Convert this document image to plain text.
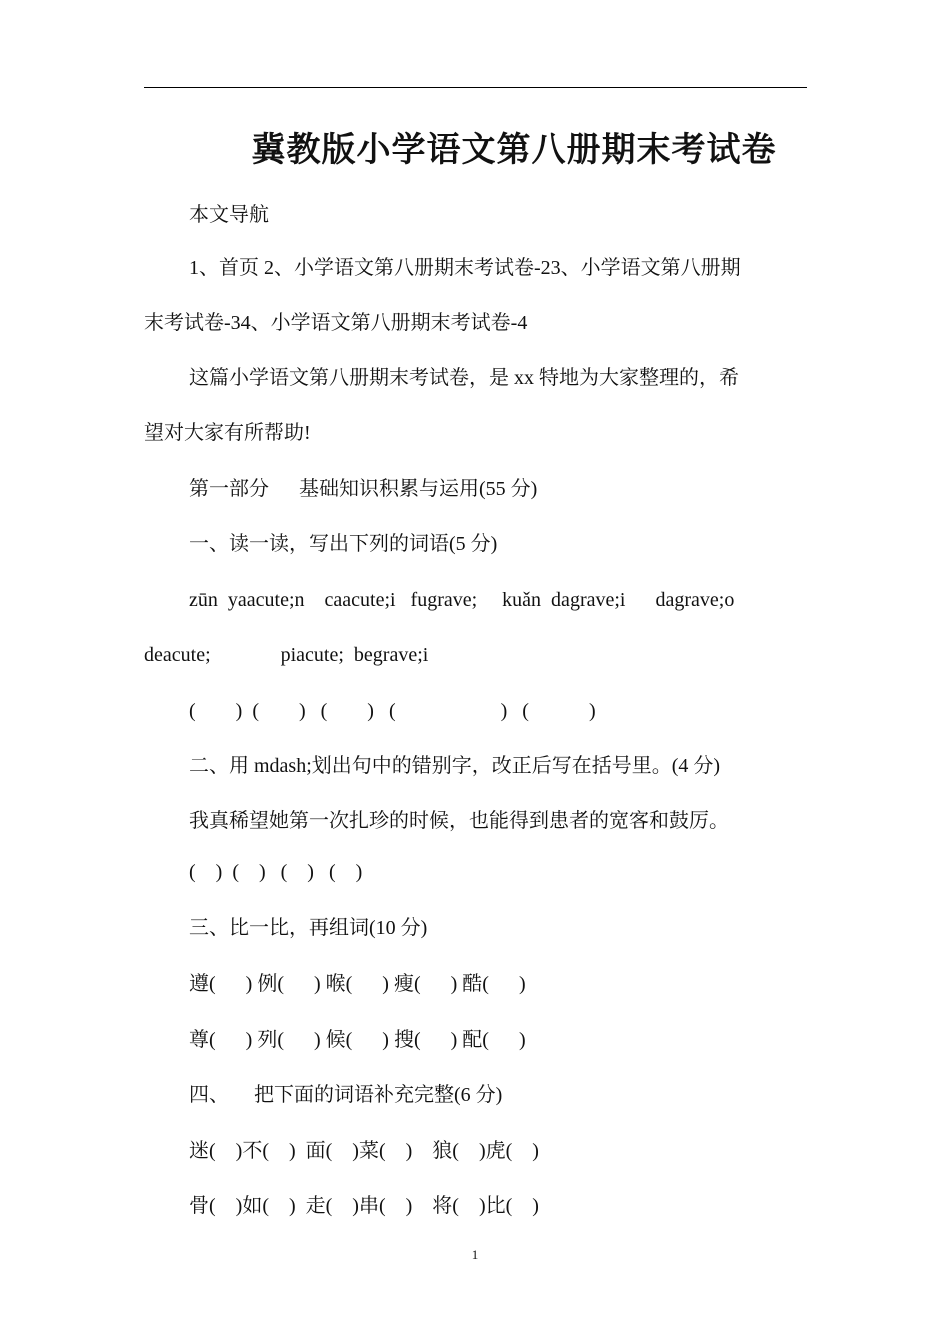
冀教版小学语文第八册期末考试卷
本文导航
1、首页 2、小学语文第八册期末考试卷-23、小学语文第八册期
末考试卷-34、小学语文第八册期末考试卷-4
这篇小学语文第八册期末考试卷，是 xx 特地为大家整理的，希
望对大家有所帮助!
第一部分      基础知识积累与运用(55 分)
一、读一读，写出下列的词语(5 分)
zūn  yaacute;n    caacute;i   fugrave;     kuǎn  dagrave;i      dagrave;o
deacute;              piacute;  begrave;i
(        )  (        )   (        )   (                     )   (            )
二、用 mdash;划出句中的错别字，改正后写在括号里。(4 分)
我真稀望她第一次扎珍的时候，也能得到患者的宽客和鼓厉。
(    )  (    )   (    )   (    )
三、比一比，再组词(10 分)
遵(      ) 例(      ) 喉(      ) 瘦(      ) 酷(      )
尊(      ) 列(      ) 候(      ) 搜(      ) 配(      )
四、     把下面的词语补充完整(6 分)
迷(    )不(    )  面(    )菜(    )    狼(    )虎(    )
骨(    )如(    )  走(    )串(    )    将(    )比(    )
1
